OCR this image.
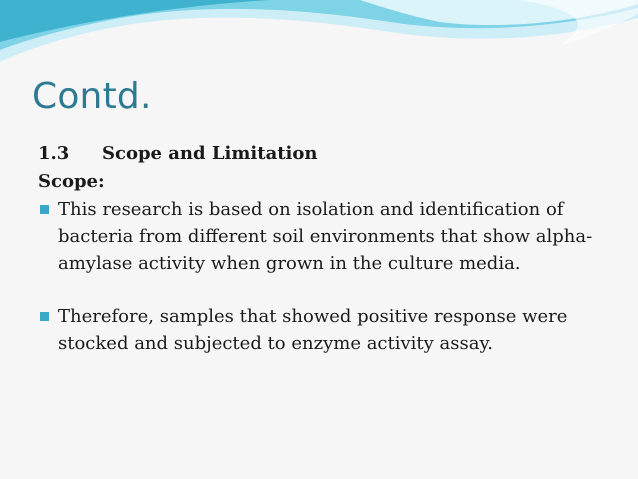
Contd.
1.3 Scope and Limitation
Scope:
This research is based on isolation and identification of bacteria from different soil environments that show alpha-amylase activity when grown in the culture media.
Therefore, samples that showed positive response were stocked and subjected to enzyme activity assay.
